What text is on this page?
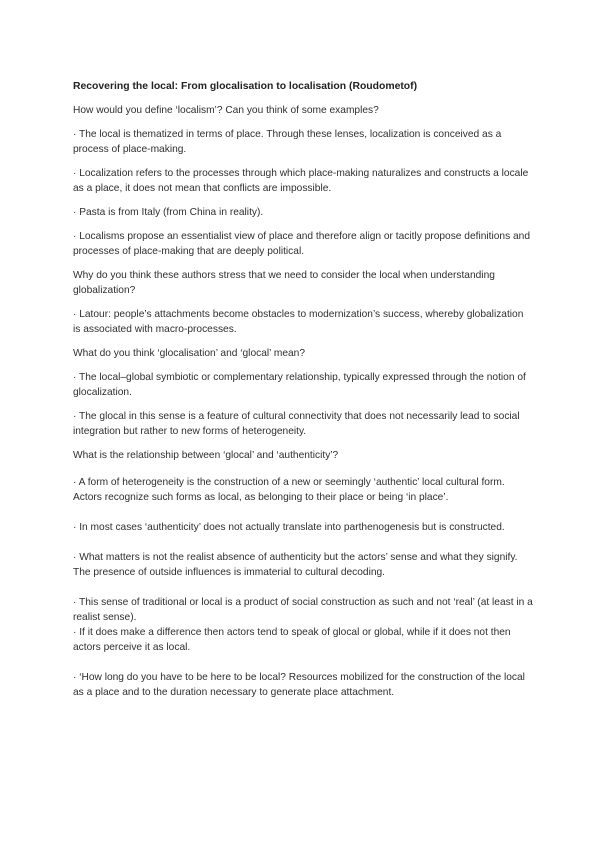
Recovering the local: From glocalisation to localisation (Roudometof)

How would you define ‘localism’? Can you think of some examples?

· The local is thematized in terms of place. Through these lenses, localization is conceived as a process of place-making.

· Localization refers to the processes through which place-making naturalizes and constructs a locale as a place, it does not mean that conflicts are impossible.

· Pasta is from Italy (from China in reality).

· Localisms propose an essentialist view of place and therefore align or tacitly propose definitions and processes of place-making that are deeply political.

Why do you think these authors stress that we need to consider the local when understanding globalization?

· Latour: people’s attachments become obstacles to modernization’s success, whereby globalization is associated with macro-processes.

What do you think ‘glocalisation’ and ‘glocal’ mean?

· The local–global symbiotic or complementary relationship, typically expressed through the notion of glocalization.

· The glocal in this sense is a feature of cultural connectivity that does not necessarily lead to social integration but rather to new forms of heterogeneity.

What is the relationship between ‘glocal’ and ‘authenticity’?

· A form of heterogeneity is the construction of a new or seemingly ‘authentic’ local cultural form. Actors recognize such forms as local, as belonging to their place or being ‘in place’.

· In most cases ‘authenticity’ does not actually translate into parthenogenesis but is constructed.

· What matters is not the realist absence of authenticity but the actors’ sense and what they signify. The presence of outside influences is immaterial to cultural decoding.

· This sense of traditional or local is a product of social construction as such and not ‘real’ (at least in a realist sense).

· If it does make a difference then actors tend to speak of glocal or global, while if it does not then actors perceive it as local.

· ‘How long do you have to be here to be local? Resources mobilized for the construction of the local as a place and to the duration necessary to generate place attachment.
